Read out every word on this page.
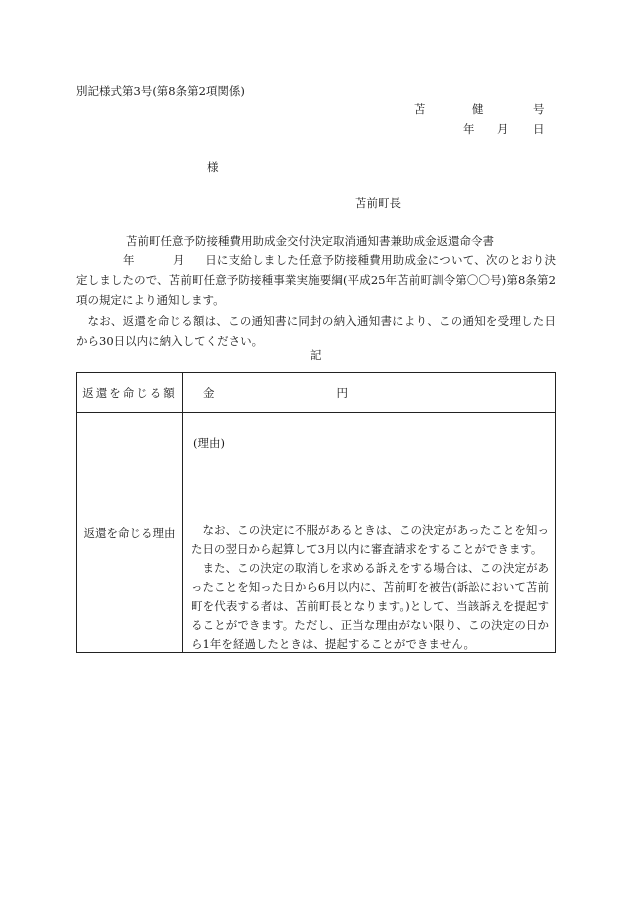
別記様式第3号(第8条第2項関係)
苫	健	号
年 月 日
様
苫前町長
苫前町任意予防接種費用助成金交付決定取消通知書兼助成金返還命令書
年	月 日に支給しました任意予防接種費用助成金について、次のとおり決定しましたので、苫前町任意予防接種事業実施要綱(平成25年苫前町訓令第〇〇号)第8条第2項の規定により通知します。
なお、返還を命じる額は、この通知書に同封の納入通知書により、この通知を受理した日から30日以内に納入してください。
記
返還を命じる額	金 円
返還を命じる理由	(理由)

なお、この決定に不服があるときは、この決定があったことを知った日の翌日から起算して3月以内に審査請求をすることができます。

また、この決定の取消しを求める訴えをする場合は、この決定があったことを知った日から6月以内に、苫前町を被告(訴訟において苫前町を代表する者は、苫前町長となります。)として、当該訴えを提起することができます。ただし、正当な理由がない限り、この決定の日から1年を経過したときは、提起することができません。
